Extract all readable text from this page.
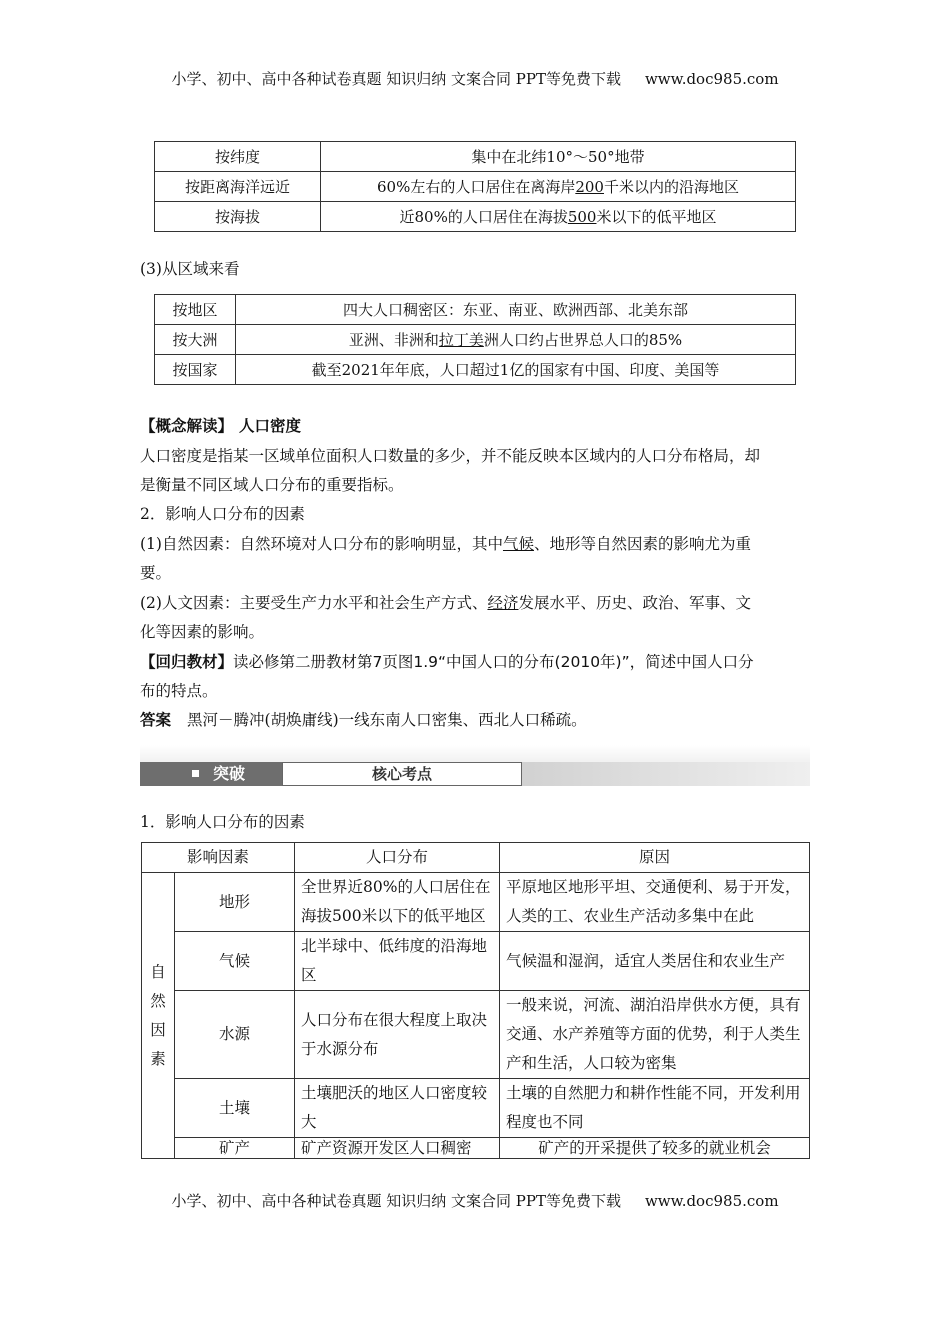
小学、初中、高中各种试卷真题 知识归纳 文案合同 PPT等免费下载 www.doc985.com
按纬度	集中在北纬10°～50°地带
按距离海洋远近	60%左右的人口居住在离海岸200千米以内的沿海地区
按海拔	近80%的人口居住在海拔500米以下的低平地区
(3)从区域来看
按地区	四大人口稠密区：东亚、南亚、欧洲西部、北美东部
按大洲	亚洲、非洲和拉丁美洲人口约占世界总人口的85%
按国家	截至2021年年底，人口超过1亿的国家有中国、印度、美国等
【概念解读】 人口密度
人口密度是指某一区域单位面积人口数量的多少，并不能反映本区域内的人口分布格局，却
是衡量不同区域人口分布的重要指标。
2．影响人口分布的因素
(1)自然因素：自然环境对人口分布的影响明显，其中气候、地形等自然因素的影响尤为重
要。
(2)人文因素：主要受生产力水平和社会生产方式、经济发展水平、历史、政治、军事、文
化等因素的影响。
【回归教材】读必修第二册教材第7页图1.9“中国人口的分布(2010年)”，简述中国人口分
布的特点。
答案 黑河－腾冲(胡焕庸线)一线东南人口密集、西北人口稀疏。
突破	核心考点
1．影响人口分布的因素
影响因素		人口分布	原因
自然因素	地形	全世界近80%的人口居住在海拔500米以下的低平地区	平原地区地形平坦、交通便利、易于开发，人类的工、农业生产活动多集中在此
	气候	北半球中、低纬度的沿海地区	气候温和湿润，适宜人类居住和农业生产
	水源	人口分布在很大程度上取决于水源分布	一般来说，河流、湖泊沿岸供水方便，具有交通、水产养殖等方面的优势，利于人类生产和生活，人口较为密集
	土壤	土壤肥沃的地区人口密度较大	土壤的自然肥力和耕作性能不同，开发利用程度也不同
	矿产	矿产资源开发区人口稠密	矿产的开采提供了较多的就业机会
小学、初中、高中各种试卷真题 知识归纳 文案合同 PPT等免费下载 www.doc985.com
